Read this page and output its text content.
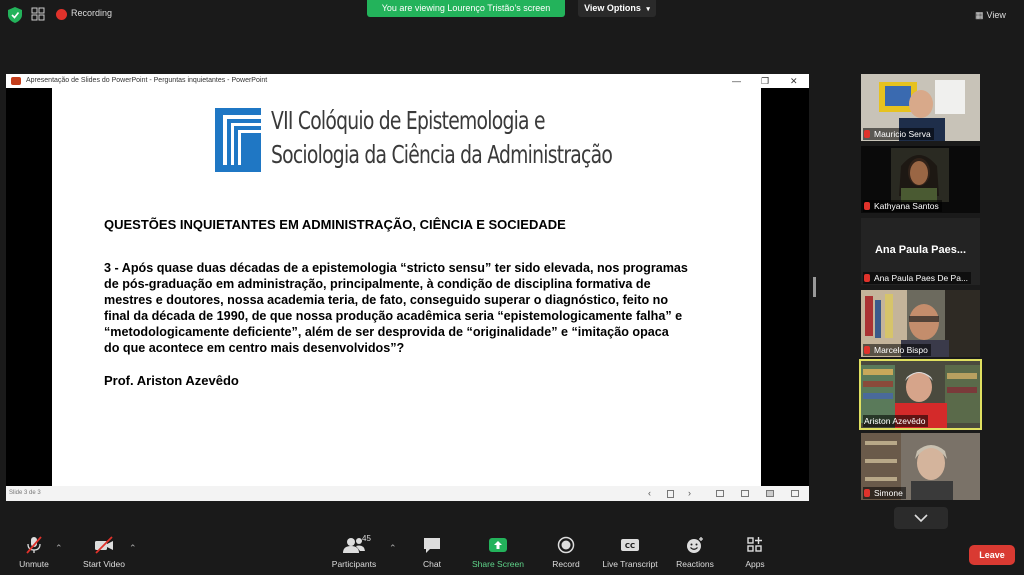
Recording	You are viewing Lourenço Tristão’s screen	View Options ▾
▦ View
Apresentação de Slides do PowerPoint - Perguntas inquietantes - PowerPoint	— ❐ ✕
VII Colóquio de Epistemologia e
Sociologia da Ciência da Administração
QUESTÕES INQUIETANTES EM ADMINISTRAÇÃO, CIÊNCIA E SOCIEDADE
3 - Após quase duas décadas de a epistemologia “stricto sensu” ter sido elevada, nos programas
de pós-graduação em administração, principalmente, à condição de disciplina formativa de
mestres e doutores, nossa academia teria, de fato, conseguido superar o diagnóstico, feito no
final da década de 1990, de que nossa produção acadêmica seria “epistemologicamente falha” e
“metodologicamente deficiente”, além de ser desprovida de “originalidade” e “imitação opaca
do que acontece em centro mais desenvolvidos”?
Prof. Ariston Azevêdo
Slide 3 de 3	‹	›
Mauricio Serva
Kathyana Santos
Ana Paula Paes...
Ana Paula Paes De Pa...
Marcelo Bispo
Ariston Azevêdo
Simone
Unmute
⌃
Start Video
⌃
45
Participants
⌃
Chat	Share Screen	Record
CC
Live Transcript	Reactions	Apps
Leave
